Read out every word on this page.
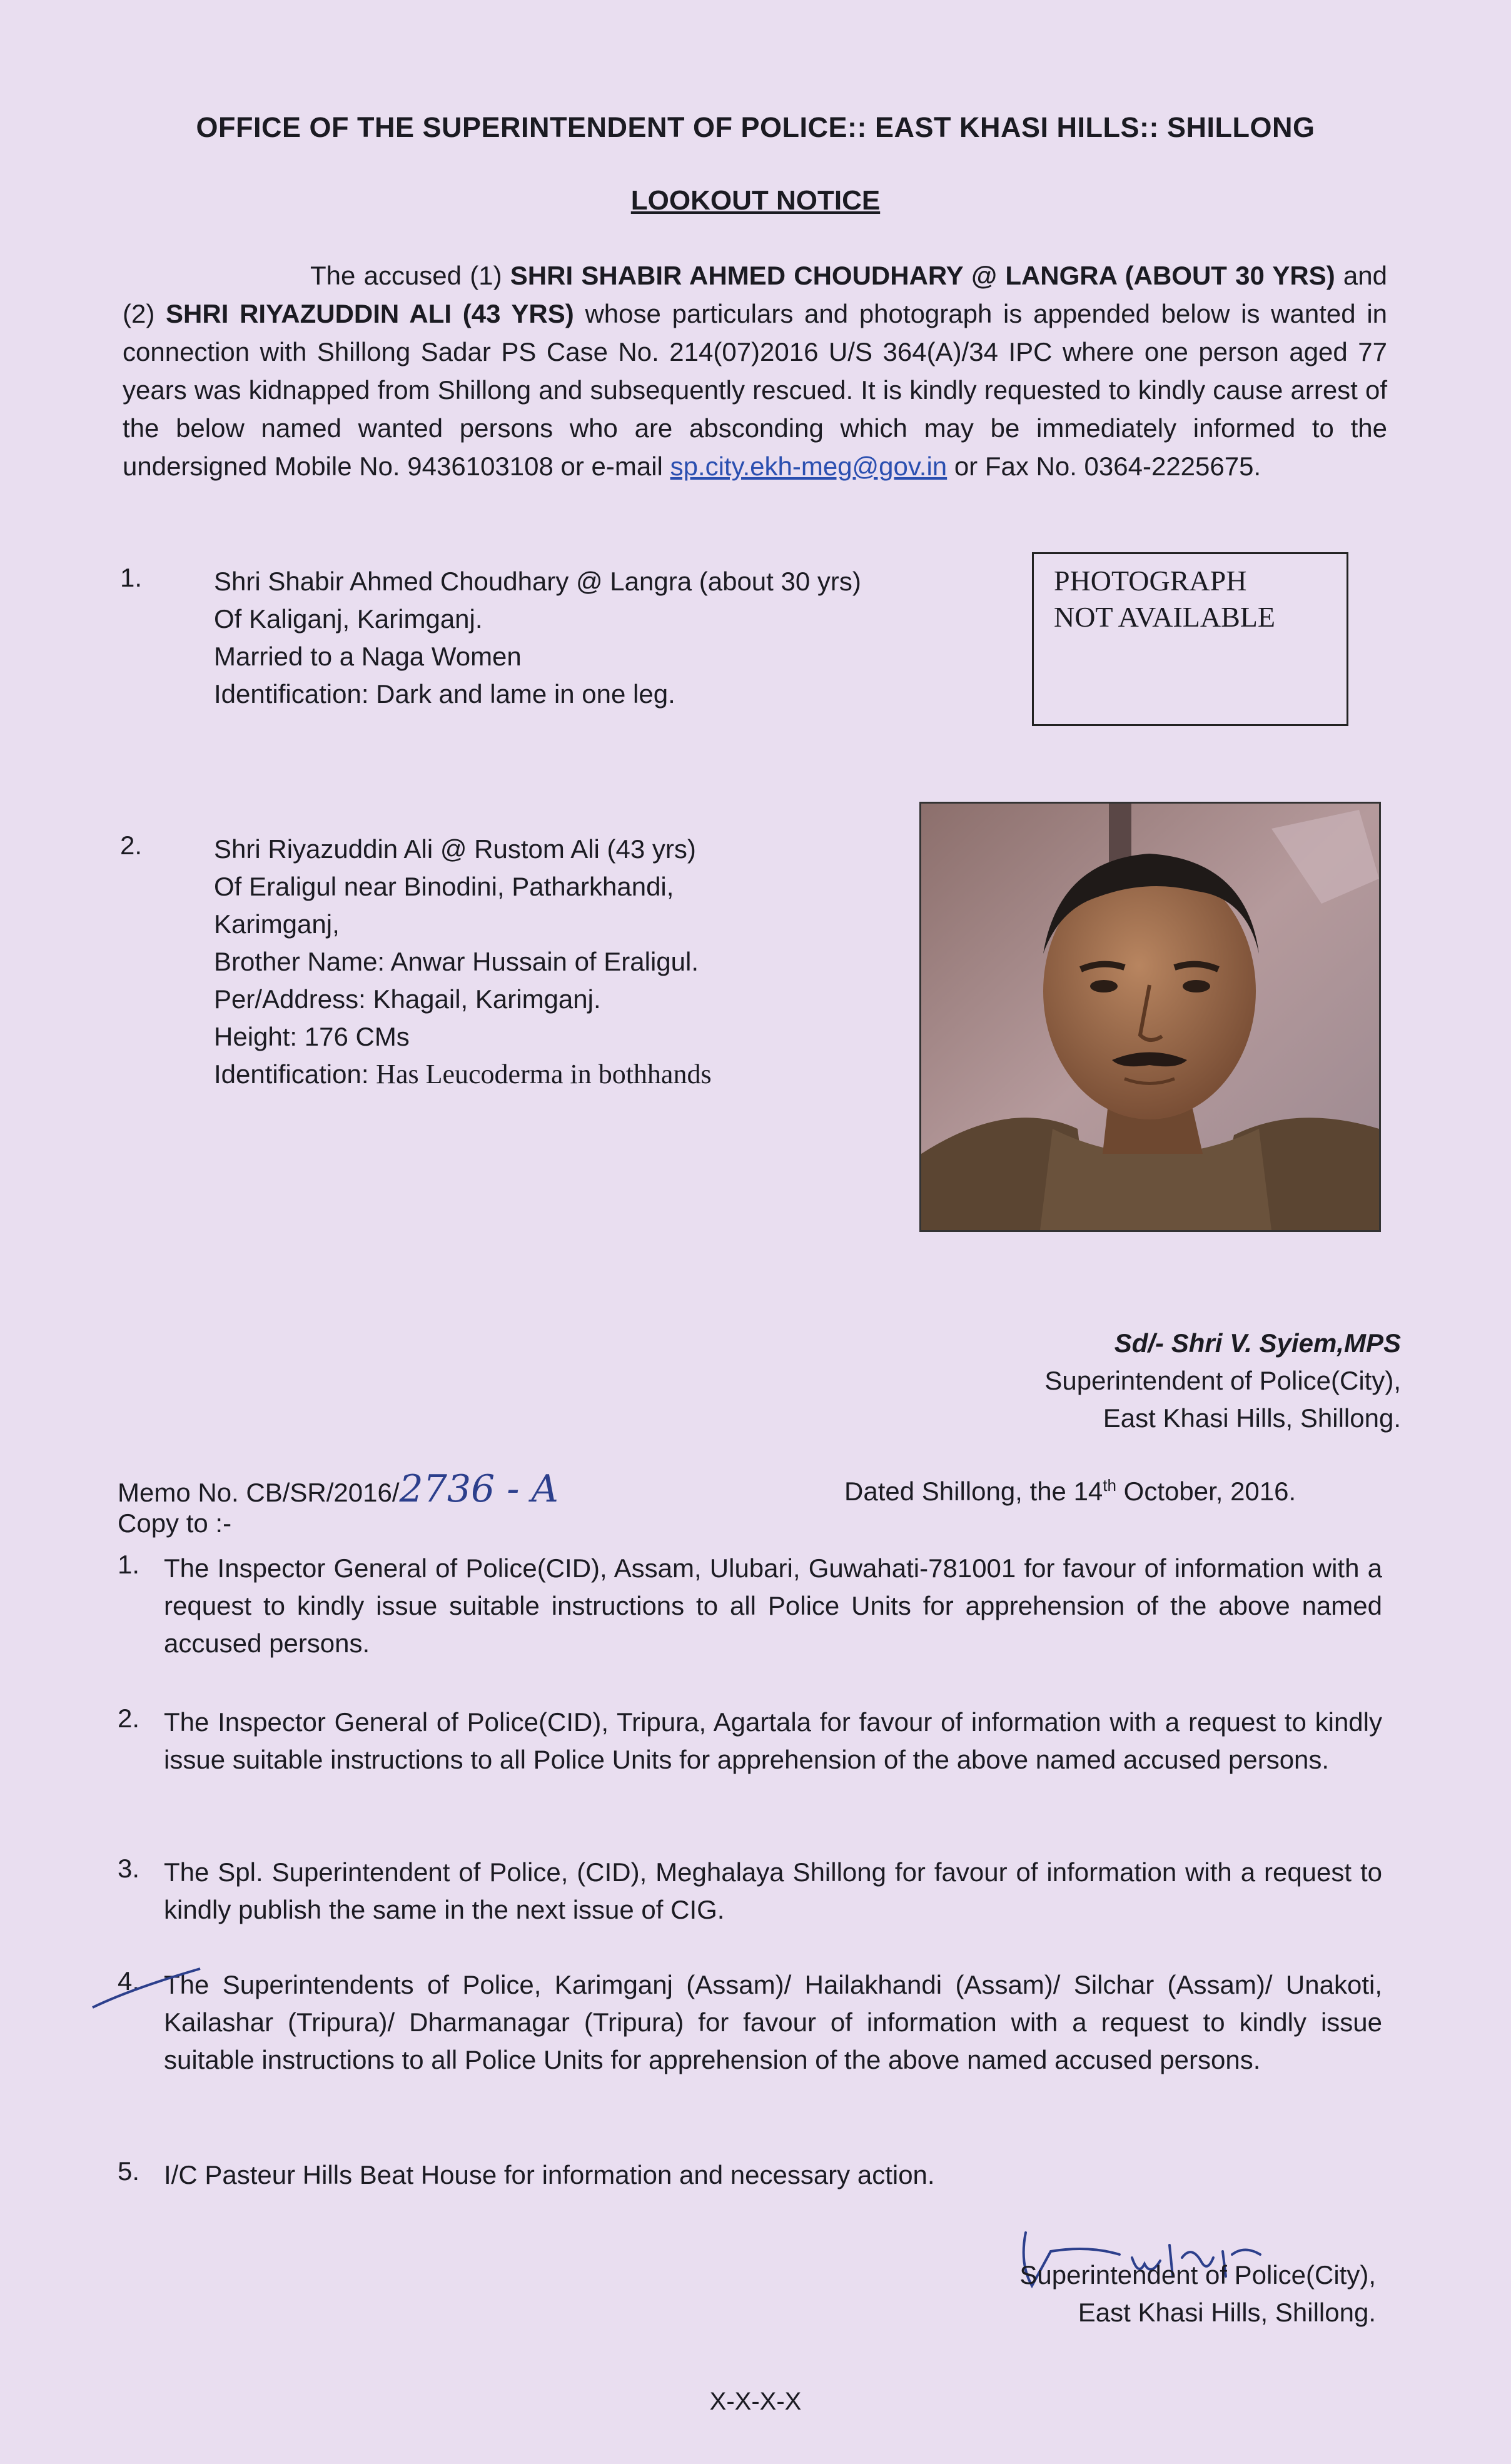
OFFICE OF THE SUPERINTENDENT OF POLICE:: EAST KHASI HILLS:: SHILLONG
LOOKOUT NOTICE
The accused (1) SHRI SHABIR AHMED CHOUDHARY @ LANGRA (ABOUT 30 YRS) and (2) SHRI RIYAZUDDIN ALI (43 YRS) whose particulars and photograph is appended below is wanted in connection with Shillong Sadar PS Case No. 214(07)2016 U/S 364(A)/34 IPC where one person aged 77 years was kidnapped from Shillong and subsequently rescued. It is kindly requested to kindly cause arrest of the below named wanted persons who are absconding which may be immediately informed to the undersigned Mobile No. 9436103108 or e-mail sp.city.ekh-meg@gov.in or Fax No. 0364-2225675.
1.	Shri Shabir Ahmed Choudhary @ Langra (about 30 yrs)
Of Kaliganj, Karimganj.
Married to a Naga Women
Identification: Dark and lame in one leg.
PHOTOGRAPH
NOT AVAILABLE
2.	Shri Riyazuddin Ali @ Rustom Ali (43 yrs)
Of Eraligul near Binodini, Patharkhandi,
Karimganj,
Brother Name: Anwar Hussain of Eraligul.
Per/Address: Khagail, Karimganj.
Height: 176 CMs
Identification: Has Leucoderma in bothhands
Sd/- Shri V. Syiem,MPS
Superintendent of Police(City),
East Khasi Hills, Shillong.
Memo No. CB/SR/2016/2736 - A	Dated Shillong, the 14th October, 2016.
Copy to :-
1. The Inspector General of Police(CID), Assam, Ulubari, Guwahati-781001 for favour of information with a request to kindly issue suitable instructions to all Police Units for apprehension of the above named accused persons.
2. The Inspector General of Police(CID), Tripura, Agartala for favour of information with a request to kindly issue suitable instructions to all Police Units for apprehension of the above named accused persons.
3. The Spl. Superintendent of Police, (CID), Meghalaya Shillong for favour of information with a request to kindly publish the same in the next issue of CIG.
4. The Superintendents of Police, Karimganj (Assam)/ Hailakhandi (Assam)/ Silchar (Assam)/ Unakoti, Kailashar (Tripura)/ Dharmanagar (Tripura) for favour of information with a request to kindly issue suitable instructions to all Police Units for apprehension of the above named accused persons.
5. I/C Pasteur Hills Beat House for information and necessary action.
Superintendent of Police(City),
East Khasi Hills, Shillong.
X-X-X-X
